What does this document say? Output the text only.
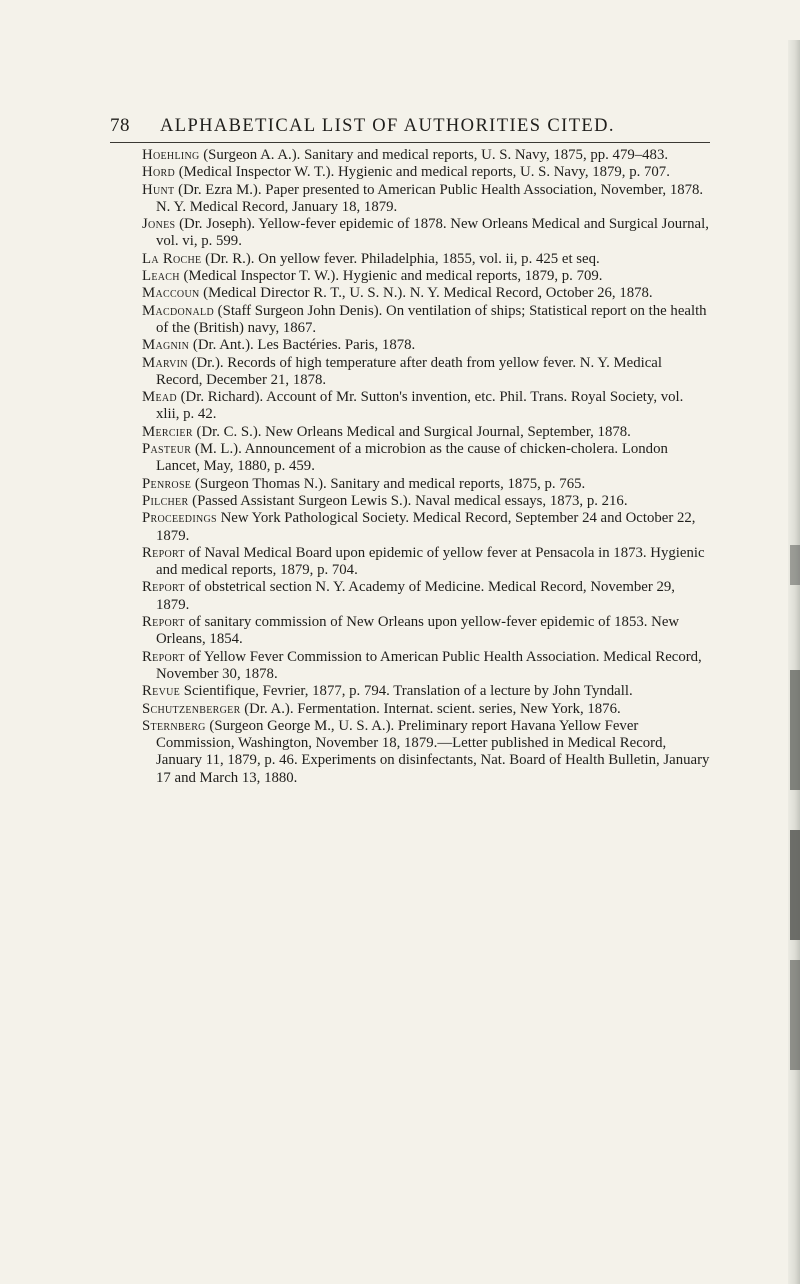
78 ALPHABETICAL LIST OF AUTHORITIES CITED.
Hoehling (Surgeon A. A.). Sanitary and medical reports, U. S. Navy, 1875, pp. 479–483.
Hord (Medical Inspector W. T.). Hygienic and medical reports, U. S. Navy, 1879, p. 707.
Hunt (Dr. Ezra M.). Paper presented to American Public Health Association, November, 1878. N. Y. Medical Record, January 18, 1879.
Jones (Dr. Joseph). Yellow-fever epidemic of 1878. New Orleans Medical and Surgical Journal, vol. vi, p. 599.
La Roche (Dr. R.). On yellow fever. Philadelphia, 1855, vol. ii, p. 425 et seq.
Leach (Medical Inspector T. W.). Hygienic and medical reports, 1879, p. 709.
Maccoun (Medical Director R. T., U. S. N.). N. Y. Medical Record, October 26, 1878.
Macdonald (Staff Surgeon John Denis). On ventilation of ships; Statistical report on the health of the (British) navy, 1867.
Magnin (Dr. Ant.). Les Bactéries. Paris, 1878.
Marvin (Dr.). Records of high temperature after death from yellow fever. N. Y. Medical Record, December 21, 1878.
Mead (Dr. Richard). Account of Mr. Sutton's invention, etc. Phil. Trans. Royal Society, vol. xlii, p. 42.
Mercier (Dr. C. S.). New Orleans Medical and Surgical Journal, September, 1878.
Pasteur (M. L.). Announcement of a microbion as the cause of chicken-cholera. London Lancet, May, 1880, p. 459.
Penrose (Surgeon Thomas N.). Sanitary and medical reports, 1875, p. 765.
Pilcher (Passed Assistant Surgeon Lewis S.). Naval medical essays, 1873, p. 216.
Proceedings New York Pathological Society. Medical Record, September 24 and October 22, 1879.
Report of Naval Medical Board upon epidemic of yellow fever at Pensacola in 1873. Hygienic and medical reports, 1879, p. 704.
Report of obstetrical section N. Y. Academy of Medicine. Medical Record, November 29, 1879.
Report of sanitary commission of New Orleans upon yellow-fever epidemic of 1853. New Orleans, 1854.
Report of Yellow Fever Commission to American Public Health Association. Medical Record, November 30, 1878.
Revue Scientifique, Fevrier, 1877, p. 794. Translation of a lecture by John Tyndall.
Schutzenberger (Dr. A.). Fermentation. Internat. scient. series, New York, 1876.
Sternberg (Surgeon George M., U. S. A.). Preliminary report Havana Yellow Fever Commission, Washington, November 18, 1879.—Letter published in Medical Record, January 11, 1879, p. 46. Experiments on disinfectants, Nat. Board of Health Bulletin, January 17 and March 13, 1880.
